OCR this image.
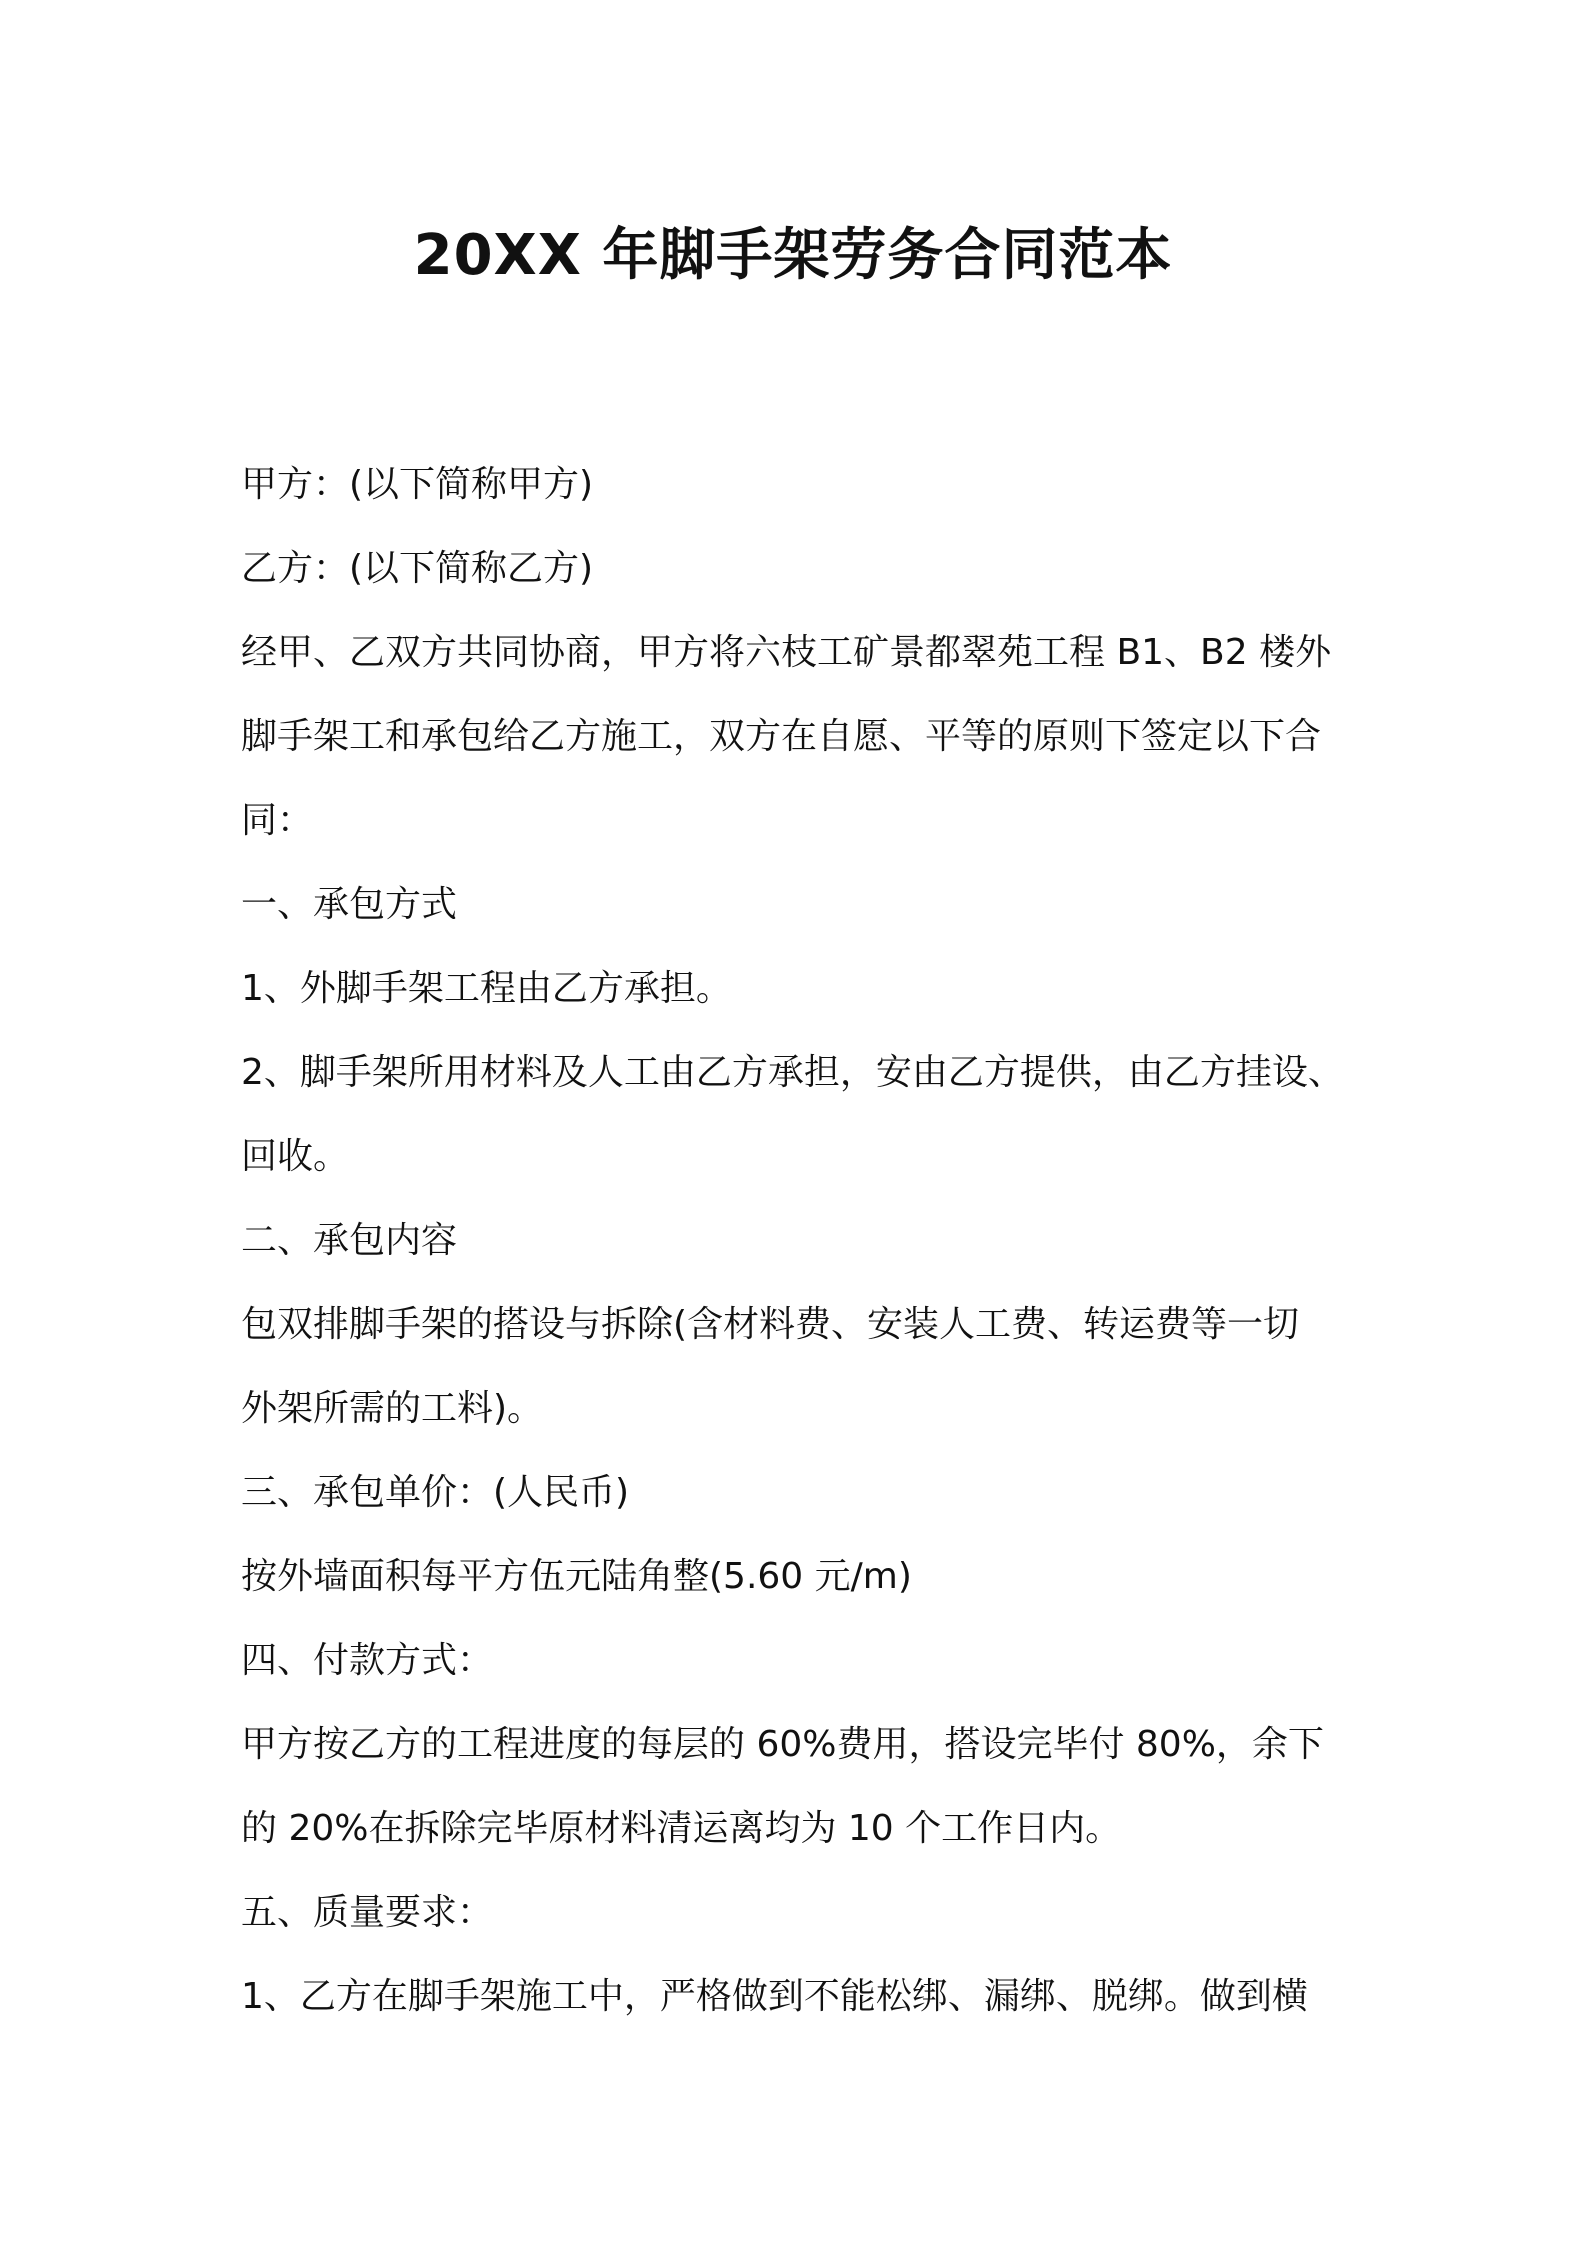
20XX 年脚手架劳务合同范本

甲方：(以下简称甲方)

乙方：(以下简称乙方)

经甲、乙双方共同协商，甲方将六枝工矿景都翠苑工程 B1、B2 楼外

脚手架工和承包给乙方施工，双方在自愿、平等的原则下签定以下合

同：

一、承包方式

1、外脚手架工程由乙方承担。

2、脚手架所用材料及人工由乙方承担，安由乙方提供，由乙方挂设、

回收。

二、承包内容

包双排脚手架的搭设与拆除(含材料费、安装人工费、转运费等一切

外架所需的工料)。

三、承包单价：(人民币)

按外墙面积每平方伍元陆角整(5.60 元/m)

四、付款方式：

甲方按乙方的工程进度的每层的 60%费用，搭设完毕付 80%，余下

的 20%在拆除完毕原材料清运离均为 10 个工作日内。

五、质量要求：

1、乙方在脚手架施工中，严格做到不能松绑、漏绑、脱绑。做到横
